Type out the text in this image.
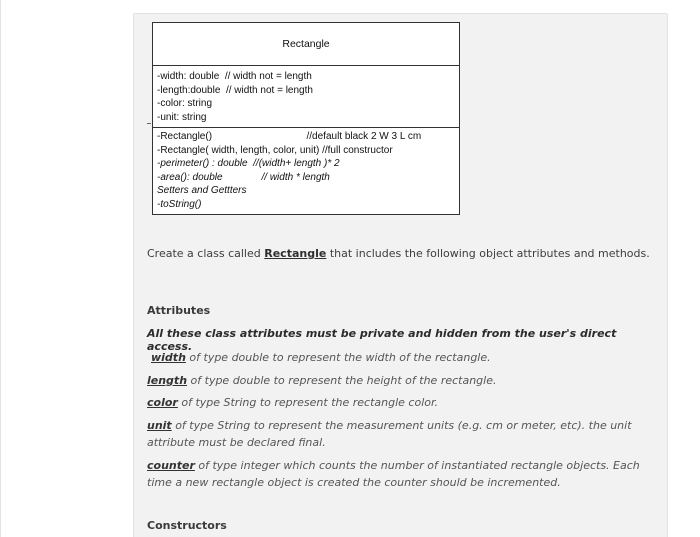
Rectangle
-width: double  // width not = length
-length:double  // width not = length
-color: string
-unit: string
-Rectangle()                                  //default black 2 W 3 L cm
-Rectangle( width, length, color, unit) //full constructor
-perimeter() : double  //(width+ length )* 2
-area(): double              // width * length
Setters and Gettters
-toString()

Create a class called Rectangle that includes the following object attributes and methods.

Attributes

All these class attributes must be private and hidden from the user's direct access.

width of type double to represent the width of the rectangle.

length of type double to represent the height of the rectangle.

color of type String to represent the rectangle color.

unit of type String to represent the measurement units (e.g. cm or meter, etc). the unit attribute must be declared final.

counter of type integer which counts the number of instantiated rectangle objects. Each time a new rectangle object is created the counter should be incremented.

Constructors
